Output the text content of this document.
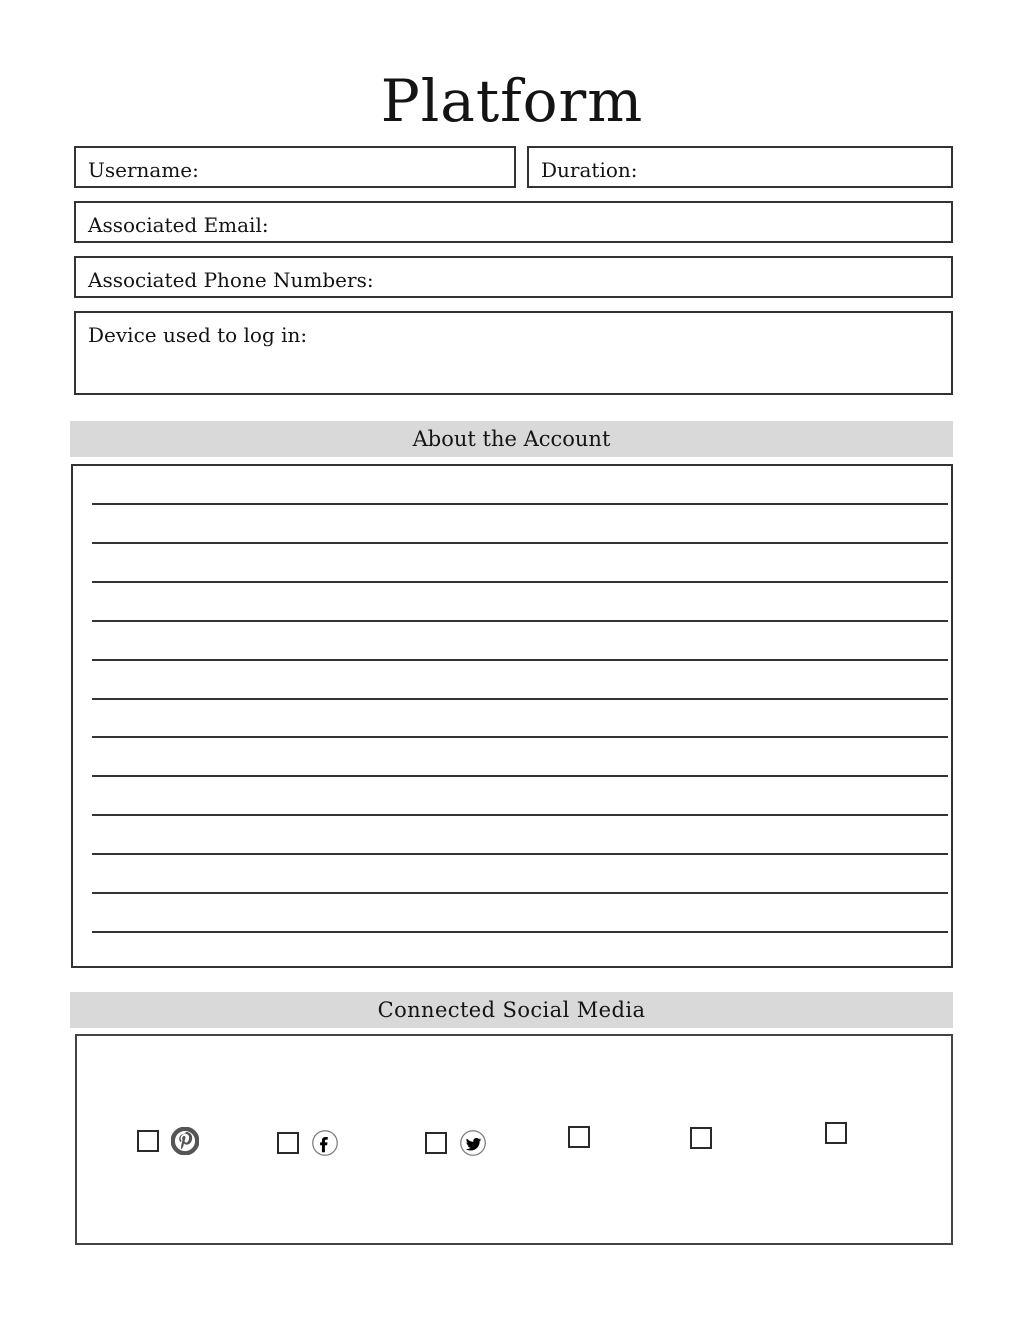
Platform
Username:	Duration:
Associated Email:
Associated Phone Numbers:
Device used to log in:
About the Account
Connected Social Media
